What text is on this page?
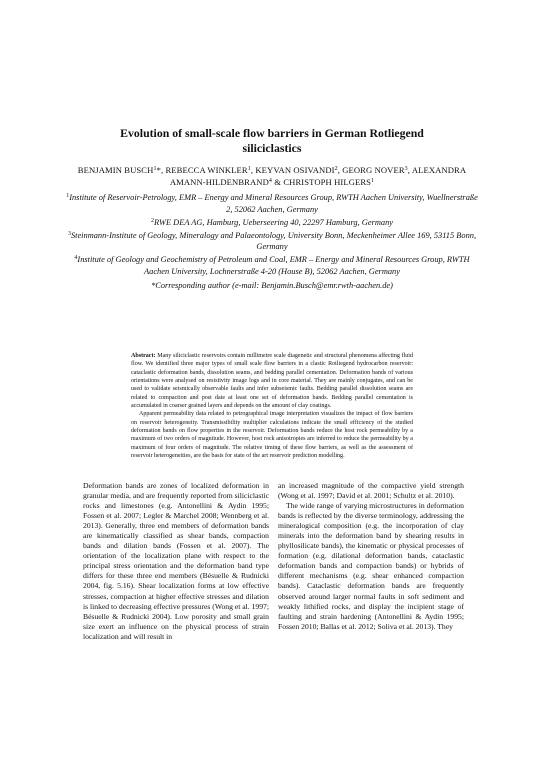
Evolution of small-scale flow barriers in German Rotliegend siliciclastics
BENJAMIN BUSCH$^1$*, REBECCA WINKLER$^1$, KEYVAN OSIVANDI$^2$, GEORG NOVER$^3$, ALEXANDRA AMANN-HILDENBRAND$^4$ & CHRISTOPH HILGERS$^1$

$^1$Institute of Reservoir-Petrology, EMR – Energy and Mineral Resources Group, RWTH Aachen University, Wuellnerstraße 2, 52062 Aachen, Germany

$^2$RWE DEA AG, Hamburg, Ueberseering 40, 22297 Hamburg, Germany

$^3$Steinmann-Institute of Geology, Mineralogy and Palaeontology, University Bonn, Meckenheimer Allee 169, 53115 Bonn, Germany

$^4$Institute of Geology and Geochemistry of Petroleum and Coal, EMR – Energy and Mineral Resources Group, RWTH Aachen University, Lochnerstraße 4-20 (House B), 52062 Aachen, Germany

*Corresponding author (e-mail: Benjamin.Busch@emr.rwth-aachen.de)

Abstract: Many siliciclastic reservoirs contain millimetre scale diagenetic and structural phenomena affecting fluid flow. We identified three major types of small scale flow barriers in a clastic Rotliegend hydrocarbon reservoir: cataclastic deformation bands, dissolution seams, and bedding parallel cementation. Deformation bands of various orientations were analysed on resistivity image logs and in core material. They are mainly conjugates, and can be used to validate seismically observable faults and infer subseismic faults. Bedding parallel dissolution seams are related to compaction and post date at least one set of deformation bands. Bedding parallel cementation is accumulated in coarser grained layers and depends on the amount of clay coatings.

Apparent permeability data related to petrographical image interpretation visualizes the impact of flow barriers on reservoir heterogeneity. Transmissibility multiplier calculations indicate the small efficiency of the studied deformation bands on flow properties in the reservoir. Deformation bands reduce the host rock permeability by a maximum of two orders of magnitude. However, host rock anisotropies are inferred to reduce the permeability by a maximum of four orders of magnitude. The relative timing of these flow barriers, as well as the assessment of reservoir heterogeneities, are the basis for state of the art reservoir prediction modelling.

Deformation bands are zones of localized deformation in granular media, and are frequently reported from siliciclastic rocks and limestones (e.g. Antonellini & Aydin 1995; Fossen et al. 2007; Legler & Marchel 2008; Wennberg et al. 2013). Generally, three end members of deformation bands are kinematically classified as shear bands, compaction bands and dilation bands (Fossen et al. 2007). The orientation of the localization plane with respect to the principal stress orientation and the deformation band type differs for these three end members (Bésuelle & Rudnicki 2004, fig. 5.16). Shear localization forms at low effective stresses, compaction at higher effective stresses and dilation is linked to decreasing effective pressures (Wong et al. 1997; Bésuelle & Rudnicki 2004). Low porosity and small grain size exert an influence on the physical process of strain localization and will result in

an increased magnitude of the compactive yield strength (Wong et al. 1997; David et al. 2001; Schultz et al. 2010).

The wide range of varying microstructures in deformation bands is reflected by the diverse terminology, addressing the mineralogical composition (e.g. the incorporation of clay minerals into the deformation band by shearing results in phyllosilicate bands), the kinematic or physical processes of formation (e.g. dilational deformation bands, cataclastic deformation bands and compaction bands) or hybrids of different mechanisms (e.g. shear enhanced compaction bands). Cataclastic deformation bands are frequently observed around larger normal faults in soft sediment and weakly lithified rocks, and display the incipient stage of faulting and strain hardening (Antonellini & Aydin 1995; Fossen 2010; Ballas et al. 2012; Soliva et al. 2013). They
